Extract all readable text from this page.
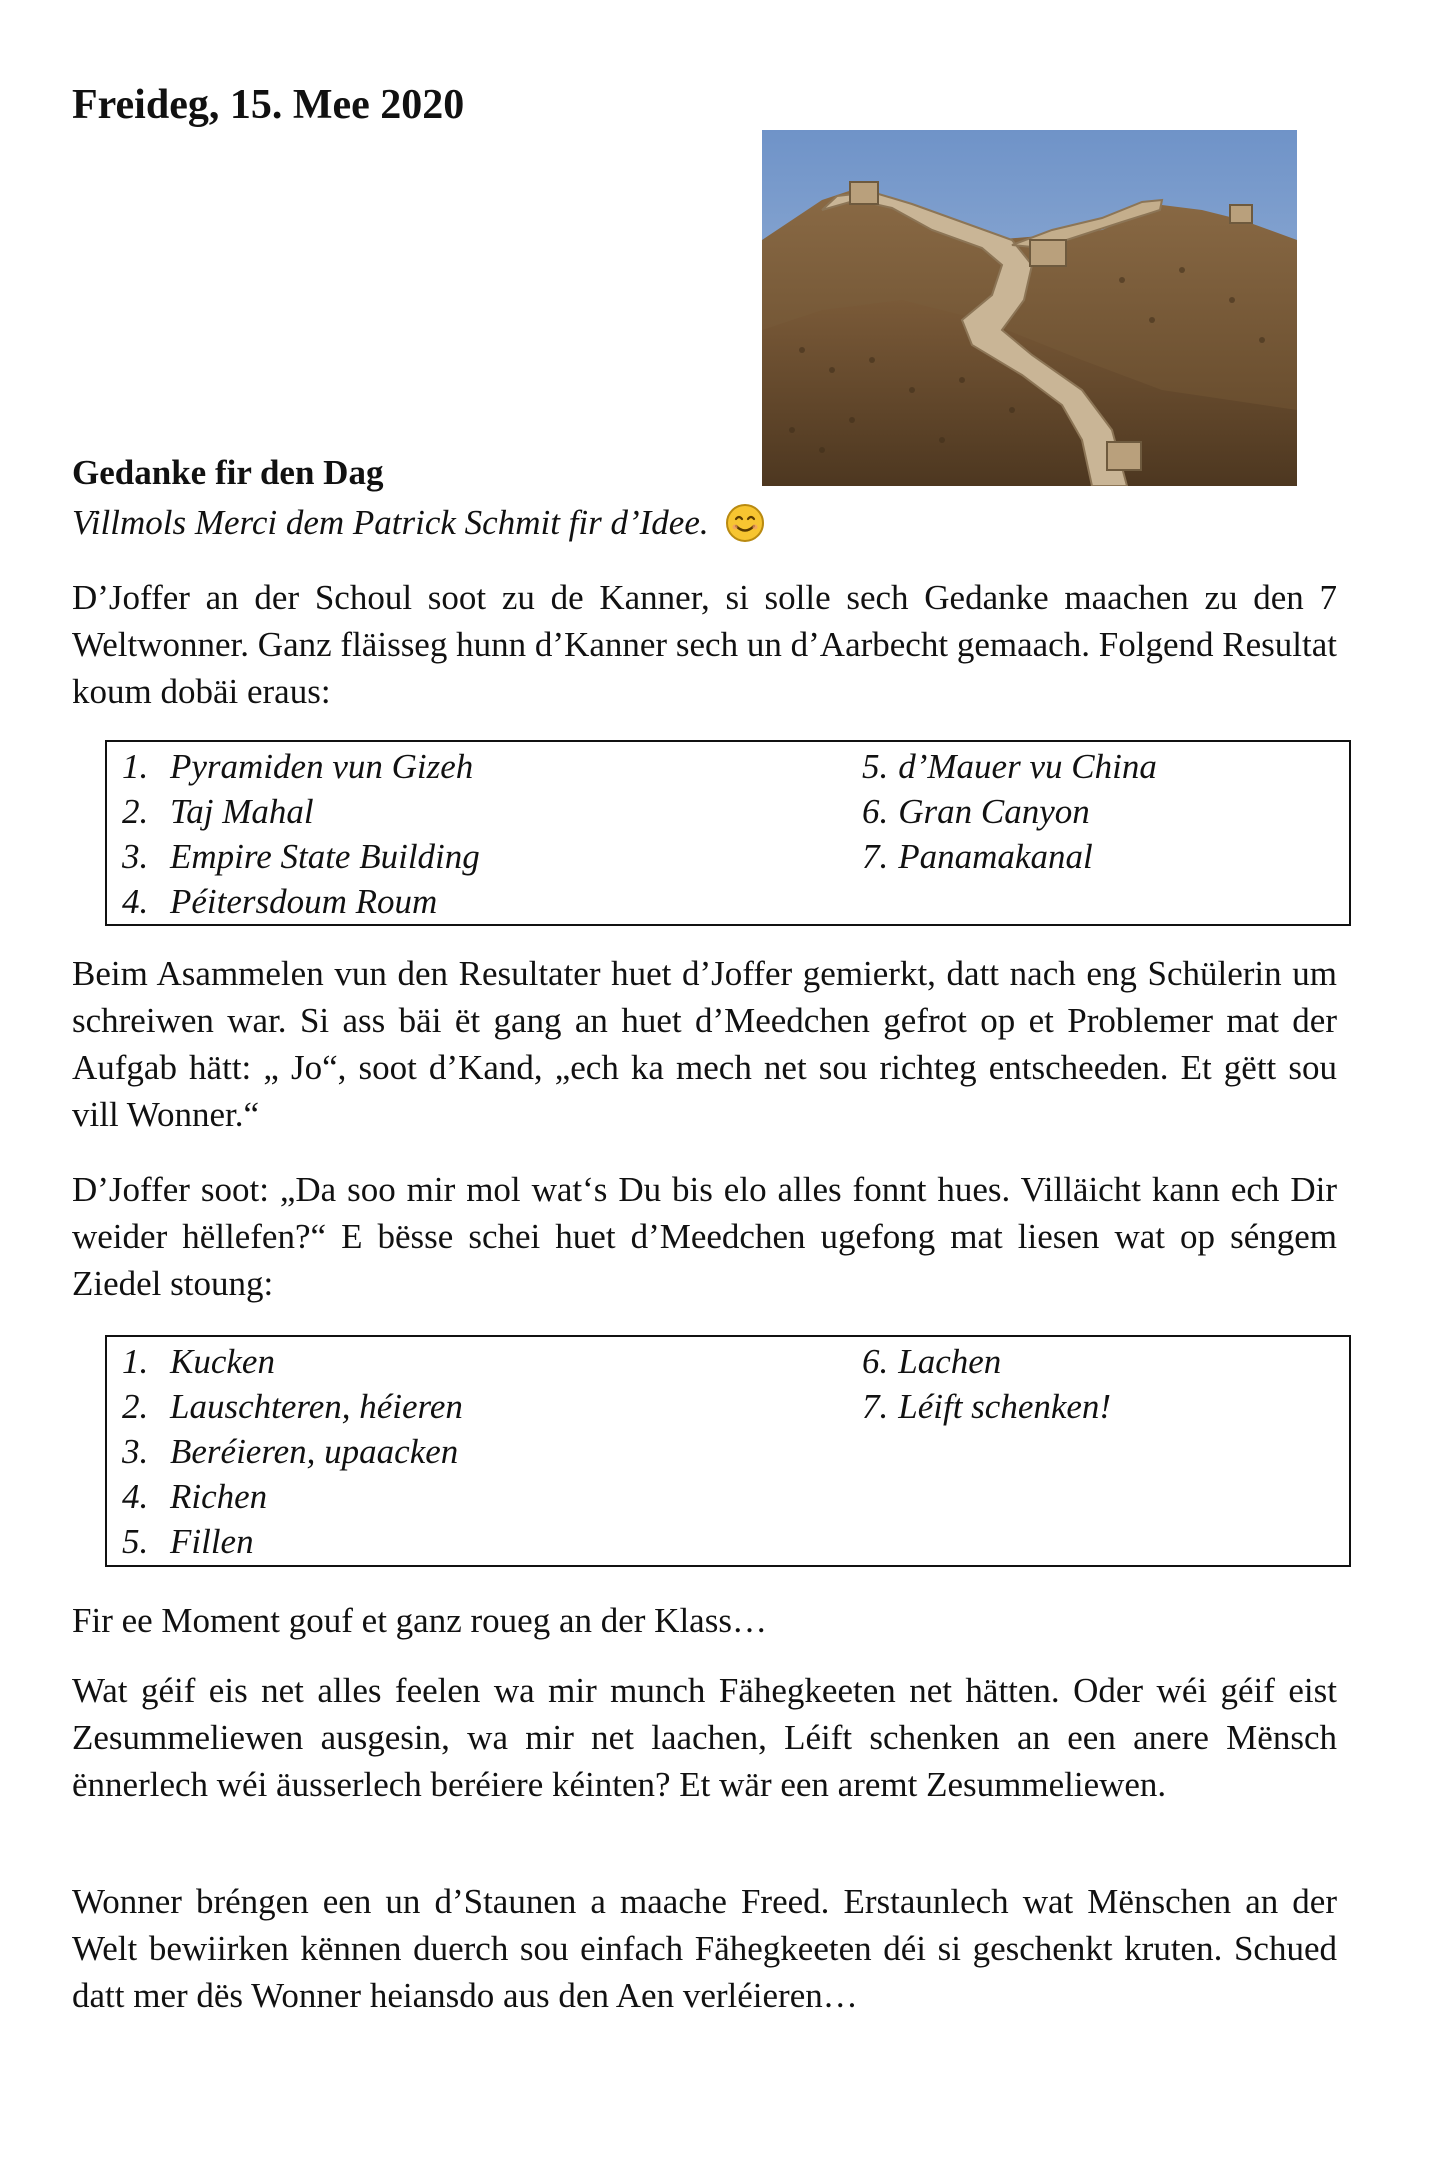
Freideg, 15. Mee 2020
Gedanke fir den Dag
Villmols Merci dem Patrick Schmit fir d’Idee.

D’Joffer an der Schoul soot zu de Kanner, si solle sech Gedanke maachen zu den 7 Weltwonner. Ganz fläisseg hunn d’Kanner sech un d’Aarbecht gemaach. Folgend Resultat koum dobäi eraus:

1. Pyramiden vun Gizeh
2. Taj Mahal
3. Empire State Building
4. Péitersdoum Roum
5. d’Mauer vu China
6. Gran Canyon
7. Panamakanal

Beim Asammelen vun den Resultater huet d’Joffer gemierkt, datt nach eng Schülerin um schreiwen war. Si ass bäi ët gang an huet d’Meedchen gefrot op et Problemer mat der Aufgab hätt: „ Jo“, soot d’Kand, „ech ka mech net sou richteg entscheeden. Et gëtt sou vill Wonner.“

D’Joffer soot: „Da soo mir mol wat‘s Du bis elo alles fonnt hues. Villäicht kann ech Dir weider hëllefen?“ E bësse schei huet d’Meedchen ugefong mat liesen wat op séngem Ziedel stoung:

1. Kucken
2. Lauschteren, héieren
3. Beréieren, upaacken
4. Richen
5. Fillen
6. Lachen
7. Léift schenken!

Fir ee Moment gouf et ganz roueg an der Klass…

Wat géif eis net alles feelen wa mir munch Fähegkeeten net hätten. Oder wéi géif eist Zesummeliewen ausgesin, wa mir net laachen, Léift schenken an een anere Mënsch ënnerlech wéi äusserlech beréiere kéinten? Et wär een aremt Zesummeliewen.

Wonner bréngen een un d’Staunen a maache Freed. Erstaunlech wat Mënschen an der Welt bewiirken kënnen duerch sou einfach Fähegkeeten déi si geschenkt kruten. Schued datt mer dës Wonner heiansdo aus den Aen verléieren…
